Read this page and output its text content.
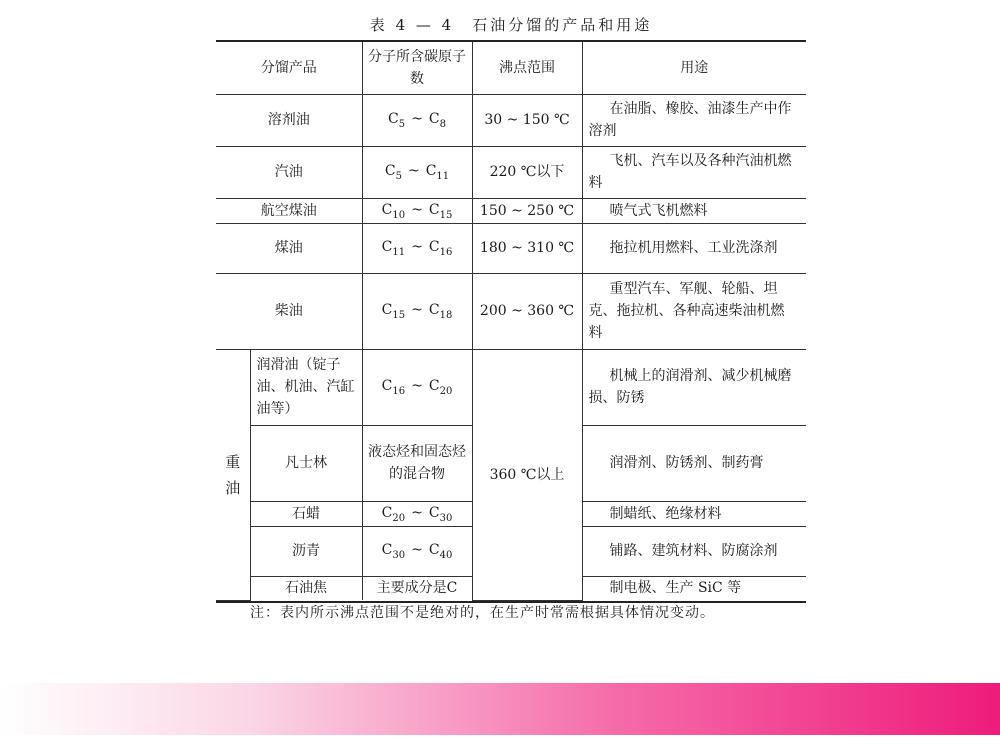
表 4 — 4　石油分馏的产品和用途
分馏产品		分子所含碳原子数	沸点范围	用途
溶剂油		$C_5$ ~ $C_8$	30 ~ 150 ℃	在油脂、橡胶、油漆生产中作溶剂
汽油		$C_5$ ~ $C_{11}$	220 ℃以下	飞机、汽车以及各种汽油机燃料
航空煤油		$C_{10}$ ~ $C_{15}$	150 ~ 250 ℃	喷气式飞机燃料
煤油		$C_{11}$ ~ $C_{16}$	180 ~ 310 ℃	拖拉机用燃料、工业洗涤剂
柴油		$C_{15}$ ~ $C_{18}$	200 ~ 360 ℃	重型汽车、军舰、轮船、坦克、拖拉机、各种高速柴油机燃料
重油	润滑油（锭子油、机油、汽缸油等）	$C_{16}$ ~ $C_{20}$	360 ℃以上	机械上的润滑剂、减少机械磨损、防锈
	凡士林	液态烃和固态烃的混合物		润滑剂、防锈剂、制药膏
	石蜡	$C_{20}$ ~ $C_{30}$		制蜡纸、绝缘材料
	沥青	$C_{30}$ ~ $C_{40}$		铺路、建筑材料、防腐涂剂
	石油焦	主要成分是C		制电极、生产 SiC 等
注：表内所示沸点范围不是绝对的，在生产时常需根据具体情况变动。
